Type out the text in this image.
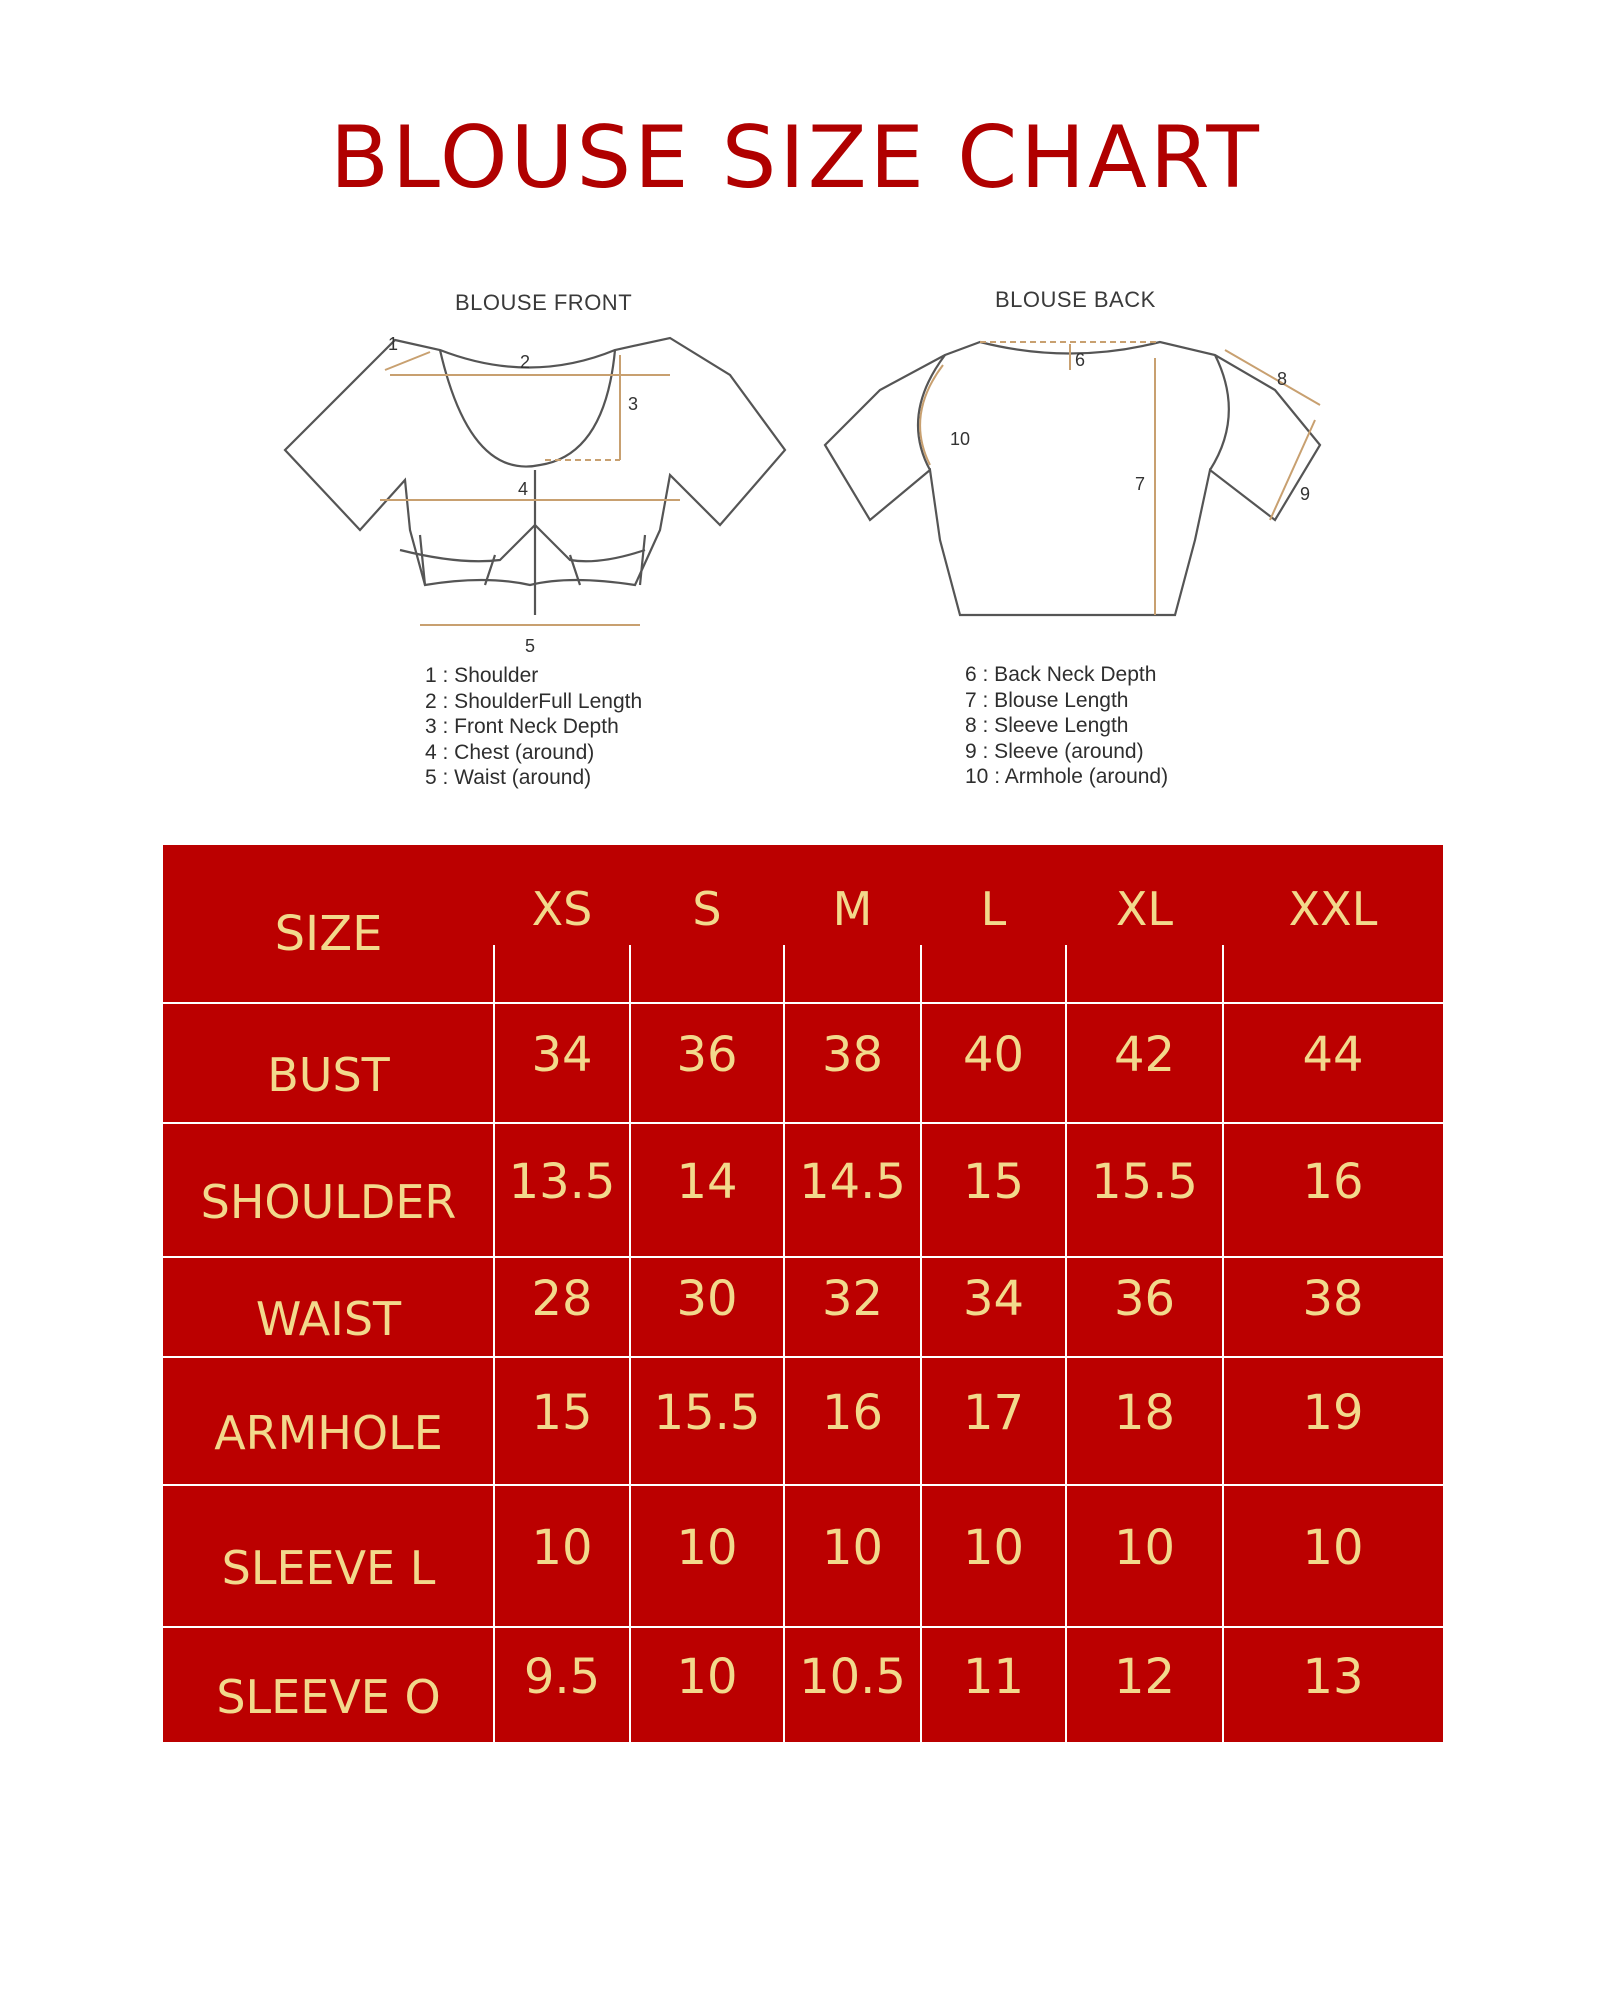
BLOUSE SIZE CHART
BLOUSE FRONT
1
2
3
4
5
1 : Shoulder
2 : ShoulderFull Length
3 : Front Neck Depth
4 : Chest (around)
5 : Waist (around)
BLOUSE BACK
6
7
8
9
10
6 : Back Neck Depth
7 : Blouse Length
8 : Sleeve Length
9 : Sleeve (around)
10 : Armhole (around)
SIZE	XS	S	M	L	XL	XXL
BUST	34	36	38	40	42	44
SHOULDER	13.5	14	14.5	15	15.5	16
WAIST	28	30	32	34	36	38
ARMHOLE	15	15.5	16	17	18	19
SLEEVE L	10	10	10	10	10	10
SLEEVE O	9.5	10	10.5	11	12	13
